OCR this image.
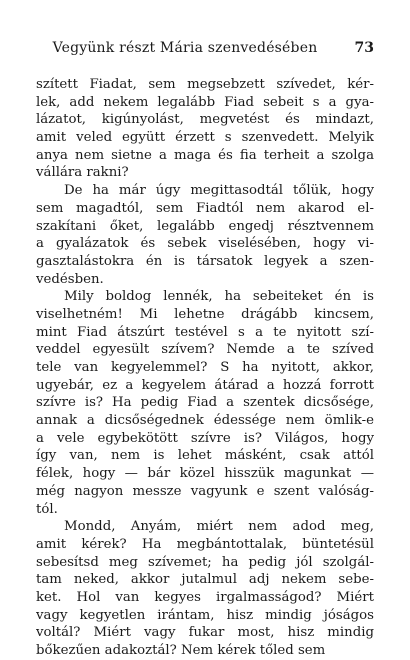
Vegyünk részt Mária szenvedésében	73
szített Fiadat, sem megsebzett szívedet, kér-
lek, add nekem legalább Fiad sebeit s a gya-
lázatot, kigúnyolást, megvetést és mindazt,
amit veled együtt érzett s szenvedett. Melyik
anya nem sietne a maga és fia terheit a szolga
vállára rakni?
De ha már úgy megittasodtál tőlük, hogy
sem magadtól, sem Fiadtól nem akarod el-
szakítani őket, legalább engedj résztvennem
a gyalázatok és sebek viselésében, hogy vi-
gasztalástokra én is társatok legyek a szen-
vedésben.
Mily boldog lennék, ha sebeiteket én is
viselhetném! Mi lehetne drágább kincsem,
mint Fiad átszúrt testével s a te nyitott szí-
veddel egyesült szívem? Nemde a te szíved
tele van kegyelemmel? S ha nyitott, akkor,
ugyebár, ez a kegyelem átárad a hozzá forrott
szívre is? Ha pedig Fiad a szentek dicsősége,
annak a dicsőségednek édessége nem ömlik-e
a vele egybekötött szívre is? Világos, hogy
így van, nem is lehet másként, csak attól
félek, hogy — bár közel hisszük magunkat —
még nagyon messze vagyunk e szent valóság-
tól.
Mondd, Anyám, miért nem adod meg,
amit kérek? Ha megbántottalak, büntetésül
sebesítsd meg szívemet; ha pedig jól szolgál-
tam neked, akkor jutalmul adj nekem sebe-
ket. Hol van kegyes irgalmasságod? Miért
vagy kegyetlen irántam, hisz mindig jóságos
voltál? Miért vagy fukar most, hisz mindig
bőkezűen adakoztál? Nem kérek tőled sem
